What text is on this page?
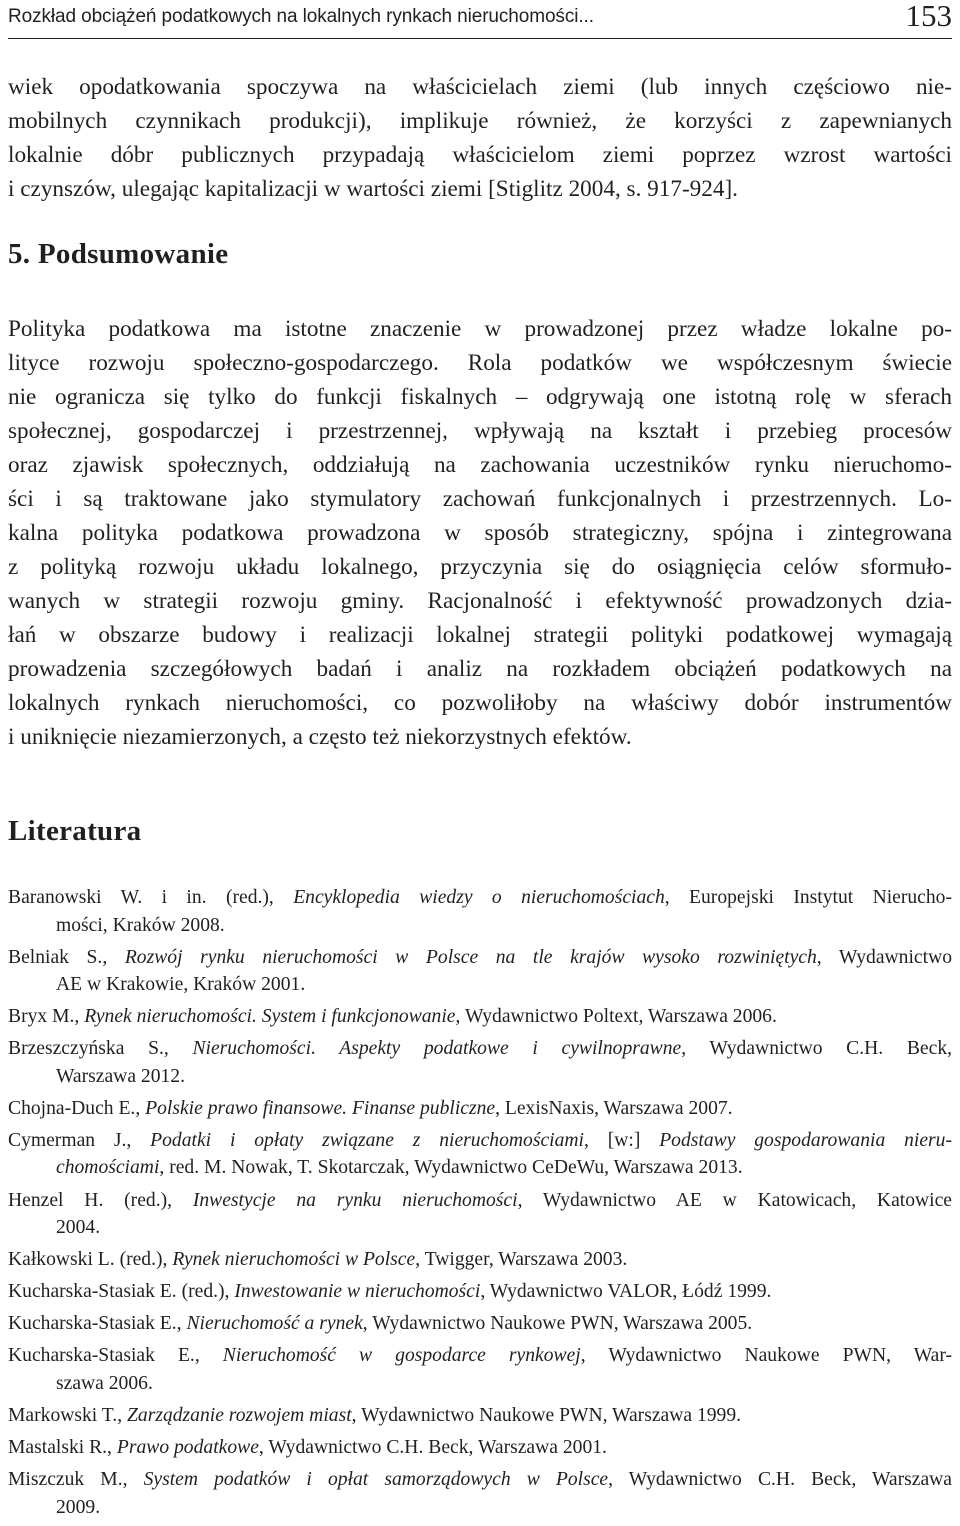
Rozkład obciążeń podatkowych na lokalnych rynkach nieruchomości...	153

wiek opodatkowania spoczywa na właścicielach ziemi (lub innych częściowo nie-
mobilnych czynnikach produkcji), implikuje również, że korzyści z zapewnianych
lokalnie dóbr publicznych przypadają właścicielom ziemi poprzez wzrost wartości
i czynszów, ulegając kapitalizacji w wartości ziemi [Stiglitz 2004, s. 917-924].

5. Podsumowanie

Polityka podatkowa ma istotne znaczenie w prowadzonej przez władze lokalne po-
lityce rozwoju społeczno-gospodarczego. Rola podatków we współczesnym świecie
nie ogranicza się tylko do funkcji fiskalnych – odgrywają one istotną rolę w sferach
społecznej, gospodarczej i przestrzennej, wpływają na kształt i przebieg procesów
oraz zjawisk społecznych, oddziałują na zachowania uczestników rynku nieruchomo-
ści i są traktowane jako stymulatory zachowań funkcjonalnych i przestrzennych. Lo-
kalna polityka podatkowa prowadzona w sposób strategiczny, spójna i zintegrowana
z polityką rozwoju układu lokalnego, przyczynia się do osiągnięcia celów sformuło-
wanych w strategii rozwoju gminy. Racjonalność i efektywność prowadzonych dzia-
łań w obszarze budowy i realizacji lokalnej strategii polityki podatkowej wymagają
prowadzenia szczegółowych badań i analiz na rozkładem obciążeń podatkowych na
lokalnych rynkach nieruchomości, co pozwoliłoby na właściwy dobór instrumentów
i uniknięcie niezamierzonych, a często też niekorzystnych efektów.

Literatura
Baranowski W. i in. (red.), Encyklopedia wiedzy o nieruchomościach, Europejski Instytut Nierucho-
mości, Kraków 2008.
Belniak S., Rozwój rynku nieruchomości w Polsce na tle krajów wysoko rozwiniętych, Wydawnictwo
AE w Krakowie, Kraków 2001.
Bryx M., Rynek nieruchomości. System i funkcjonowanie, Wydawnictwo Poltext, Warszawa 2006.
Brzeszczyńska S., Nieruchomości. Aspekty podatkowe i cywilnoprawne, Wydawnictwo C.H. Beck,
Warszawa 2012.
Chojna-Duch E., Polskie prawo finansowe. Finanse publiczne, LexisNaxis, Warszawa 2007.
Cymerman J., Podatki i opłaty związane z nieruchomościami, [w:] Podstawy gospodarowania nieru-
chomościami, red. M. Nowak, T. Skotarczak, Wydawnictwo CeDeWu, Warszawa 2013.
Henzel H. (red.), Inwestycje na rynku nieruchomości, Wydawnictwo AE w Katowicach, Katowice
2004.
Kałkowski L. (red.), Rynek nieruchomości w Polsce, Twigger, Warszawa 2003.
Kucharska-Stasiak E. (red.), Inwestowanie w nieruchomości, Wydawnictwo VALOR, Łódź 1999.
Kucharska-Stasiak E., Nieruchomość a rynek, Wydawnictwo Naukowe PWN, Warszawa 2005.
Kucharska-Stasiak E., Nieruchomość w gospodarce rynkowej, Wydawnictwo Naukowe PWN, War-
szawa 2006.
Markowski T., Zarządzanie rozwojem miast, Wydawnictwo Naukowe PWN, Warszawa 1999.
Mastalski R., Prawo podatkowe, Wydawnictwo C.H. Beck, Warszawa 2001.
Miszczuk M., System podatków i opłat samorządowych w Polsce, Wydawnictwo C.H. Beck, Warszawa
2009.
